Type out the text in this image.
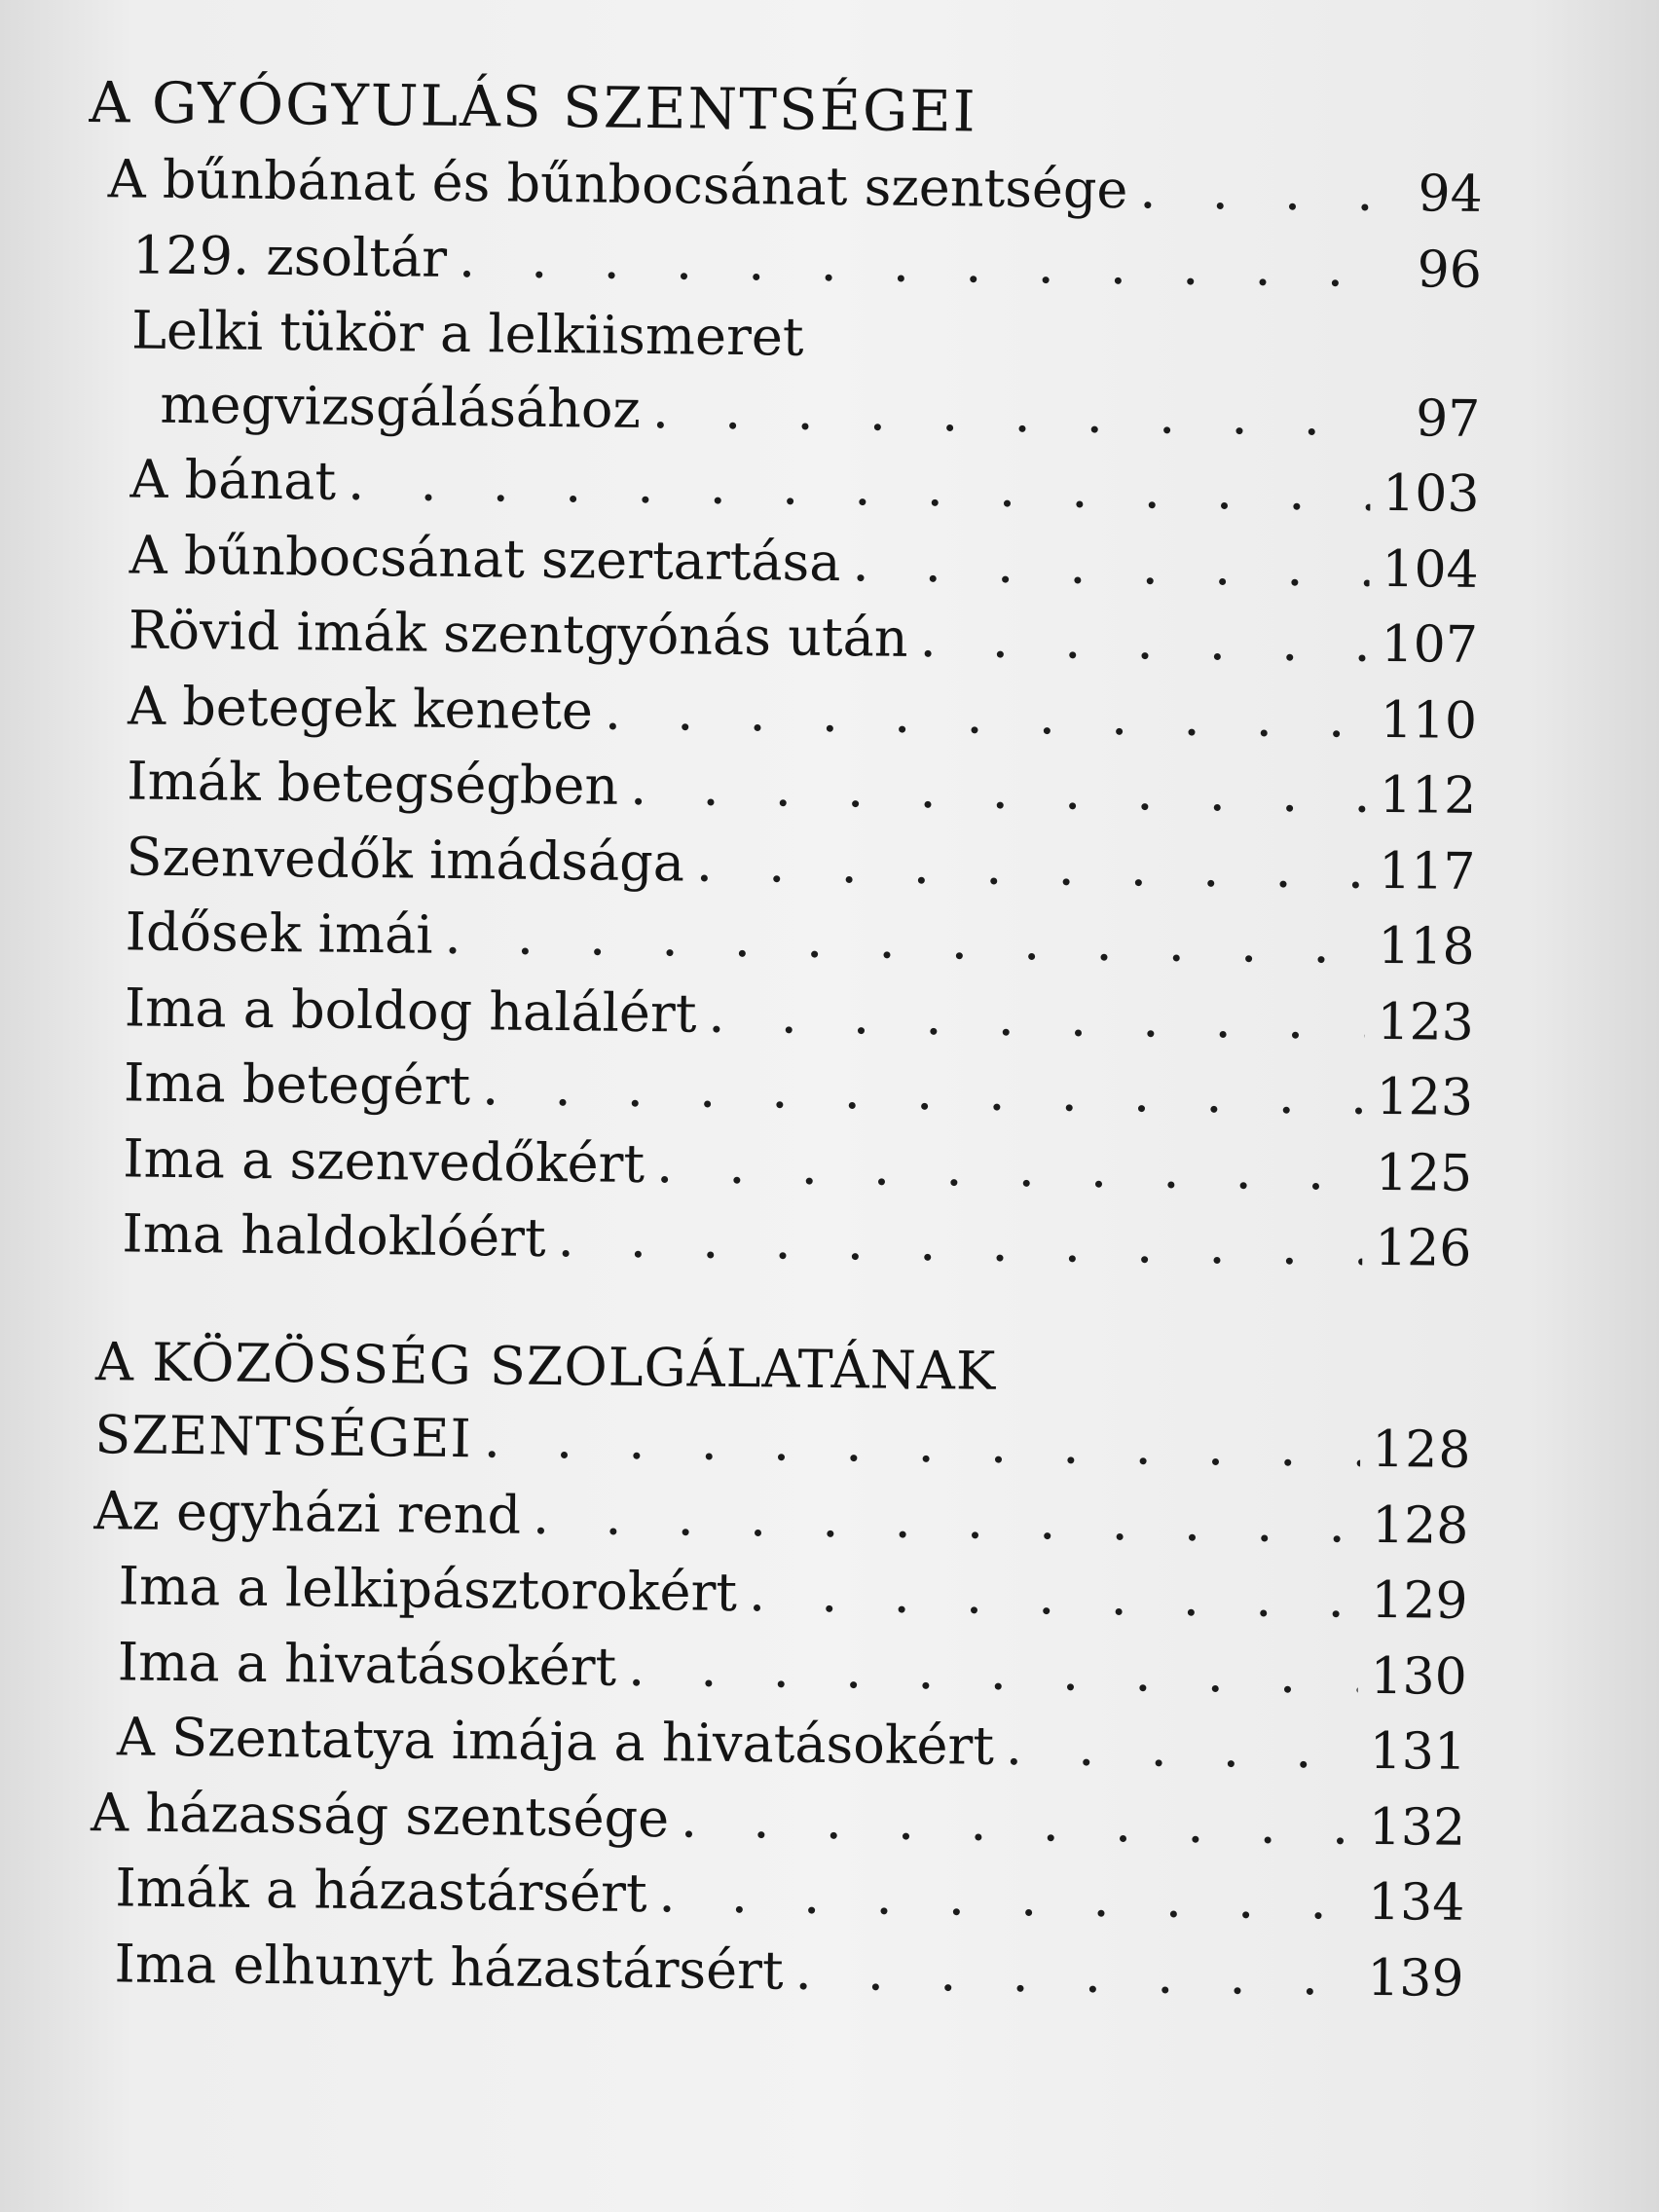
A GYÓGYULÁS SZENTSÉGEI
A bűnbánat és bűnbocsánat szentsége . . .	94
129. zsoltár . . .	96
Lelki tükör a lelkiismeret
megvizsgálásához . . .	97
A bánat . . .	103
A bűnbocsánat szertartása . . .	104
Rövid imák szentgyónás után . . .	107
A betegek kenete . . .	110
Imák betegségben . . .	112
Szenvedők imádsága . . .	117
Idősek imái . . .	118
Ima a boldog halálért . . .	123
Ima betegért . . .	123
Ima a szenvedőkért . . .	125
Ima haldoklóért . . .	126
A KÖZÖSSÉG SZOLGÁLATÁNAK
SZENTSÉGEI . . .	128
Az egyházi rend . . .	128
Ima a lelkipásztorokért . . .	129
Ima a hivatásokért . . .	130
A Szentatya imája a hivatásokért . . .	131
A házasság szentsége . . .	132
Imák a házastársért . . .	134
Ima elhunyt házastársért . . .	139
